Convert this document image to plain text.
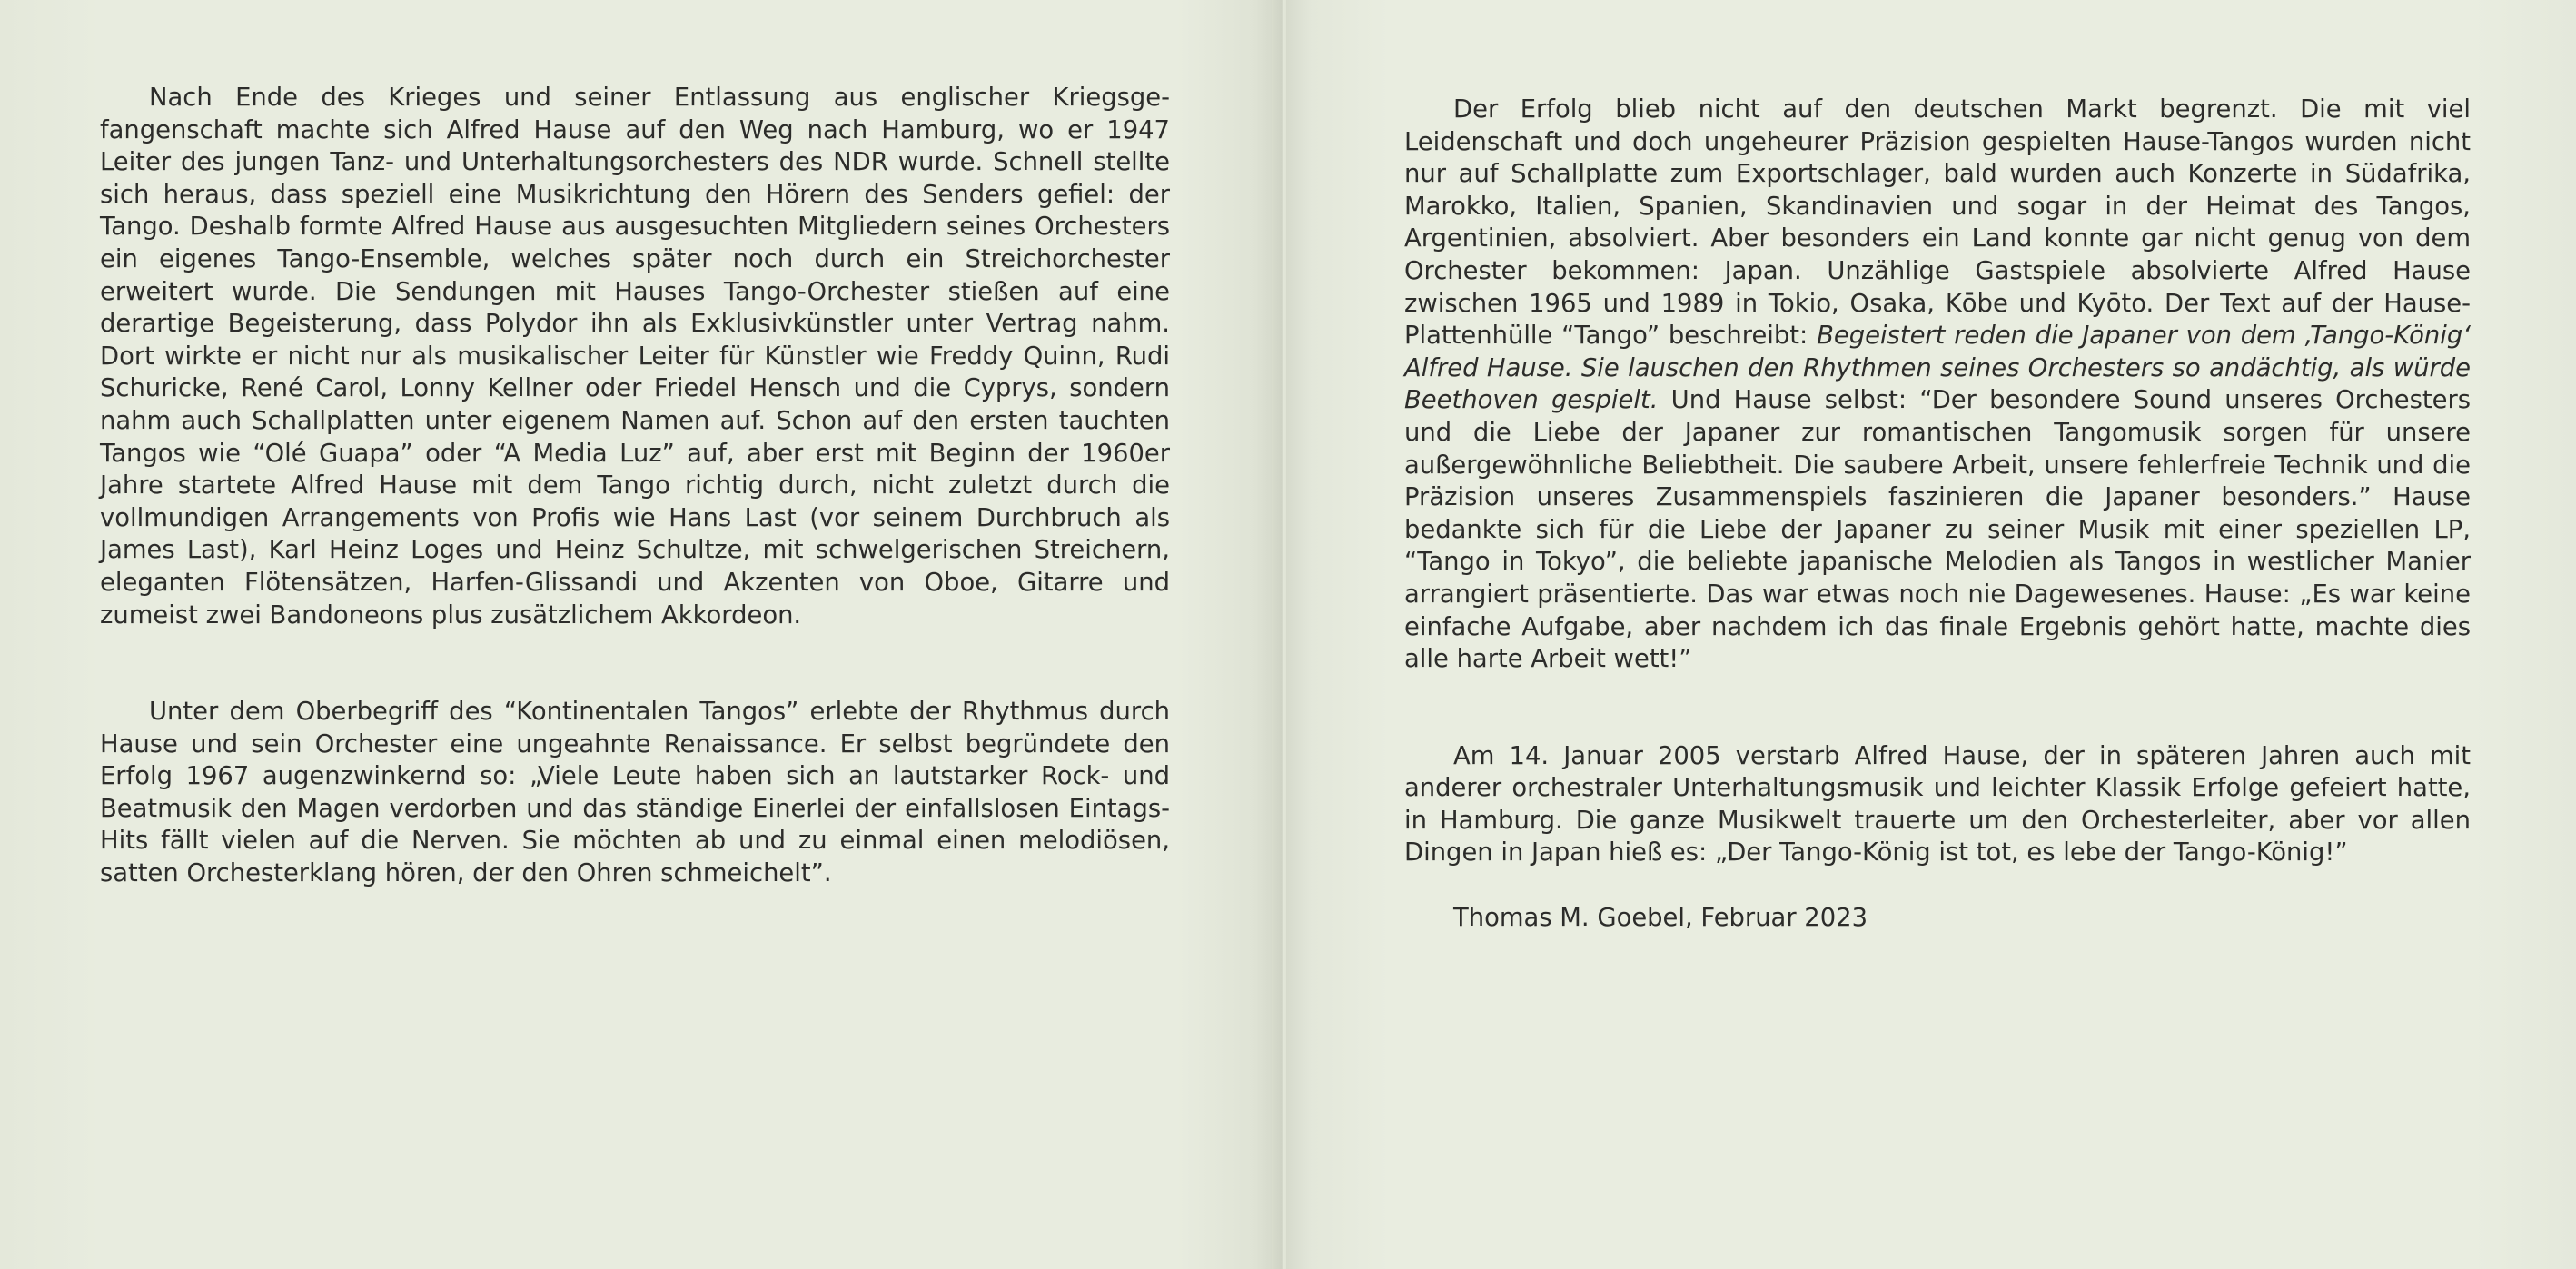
Nach Ende des Krieges und seiner Entlassung aus englischer Kriegsgefangenschaft machte sich Alfred Hause auf den Weg nach Hamburg, wo er 1947 Leiter des jungen Tanz- und Unterhaltungsorchesters des NDR wurde. Schnell stellte sich heraus, dass speziell eine Musikrichtung den Hörern des Senders gefiel: der Tango. Deshalb formte Alfred Hause aus ausgesuchten Mitgliedern seines Orchesters ein eigenes Tango-Ensemble, welches später noch durch ein Streichorchester erweitert wurde. Die Sendungen mit Hauses Tango-Orchester stießen auf eine derartige Begeisterung, dass Polydor ihn als Exklusivkünstler unter Vertrag nahm. Dort wirkte er nicht nur als musikalischer Leiter für Künstler wie Freddy Quinn, Rudi Schuricke, René Carol, Lonny Kellner oder Friedel Hensch und die Cyprys, sondern nahm auch Schallplatten unter eigenem Namen auf. Schon auf den ersten tauchten Tangos wie “Olé Guapa” oder “A Media Luz” auf, aber erst mit Beginn der 1960er Jahre startete Alfred Hause mit dem Tango richtig durch, nicht zuletzt durch die vollmundigen Arrangements von Profis wie Hans Last (vor seinem Durchbruch als James Last), Karl Heinz Loges und Heinz Schultze, mit schwelgerischen Streichern, eleganten Flötensätzen, Harfen-Glissandi und Akzenten von Oboe, Gitarre und zumeist zwei Bandoneons plus zusätzlichem Akkordeon.

Unter dem Oberbegriff des “Kontinentalen Tangos” erlebte der Rhythmus durch Hause und sein Orchester eine ungeahnte Renaissance. Er selbst begründete den Erfolg 1967 augenzwinkernd so: „Viele Leute haben sich an lautstarker Rock- und Beatmusik den Magen verdorben und das ständige Einerlei der einfallslosen Eintags-Hits fällt vielen auf die Nerven. Sie möchten ab und zu einmal einen melodiösen, satten Orchesterklang hören, der den Ohren schmeichelt”.

Der Erfolg blieb nicht auf den deutschen Markt begrenzt. Die mit viel Leidenschaft und doch ungeheurer Präzision gespielten Hause-Tangos wurden nicht nur auf Schallplatte zum Exportschlager, bald wurden auch Konzerte in Südafrika, Marokko, Italien, Spanien, Skandinavien und sogar in der Heimat des Tangos, Argentinien, absolviert. Aber besonders ein Land konnte gar nicht genug von dem Orchester bekommen: Japan. Unzählige Gastspiele absolvierte Alfred Hause zwischen 1965 und 1989 in Tokio, Osaka, Kōbe und Kyōto. Der Text auf der Hause-Plattenhülle “Tango” beschreibt: Begeistert reden die Japaner von dem ‚Tango-König‘ Alfred Hause. Sie lauschen den Rhythmen seines Orchesters so andächtig, als würde Beethoven gespielt. Und Hause selbst: “Der besondere Sound unseres Orchesters und die Liebe der Japaner zur romantischen Tangomusik sorgen für unsere außergewöhnliche Beliebtheit. Die saubere Arbeit, unsere fehlerfreie Technik und die Präzision unseres Zusammenspiels faszinieren die Japaner besonders.” Hause bedankte sich für die Liebe der Japaner zu seiner Musik mit einer speziellen LP, “Tango in Tokyo”, die beliebte japanische Melodien als Tangos in westlicher Manier arrangiert präsentierte. Das war etwas noch nie Dagewesenes. Hause: „Es war keine einfache Aufgabe, aber nachdem ich das finale Ergebnis gehört hatte, machte dies alle harte Arbeit wett!”

Am 14. Januar 2005 verstarb Alfred Hause, der in späteren Jahren auch mit anderer orchestraler Unterhaltungsmusik und leichter Klassik Erfolge gefeiert hatte, in Hamburg. Die ganze Musikwelt trauerte um den Orchesterleiter, aber vor allen Dingen in Japan hieß es: „Der Tango-König ist tot, es lebe der Tango-König!”

Thomas M. Goebel, Februar 2023
